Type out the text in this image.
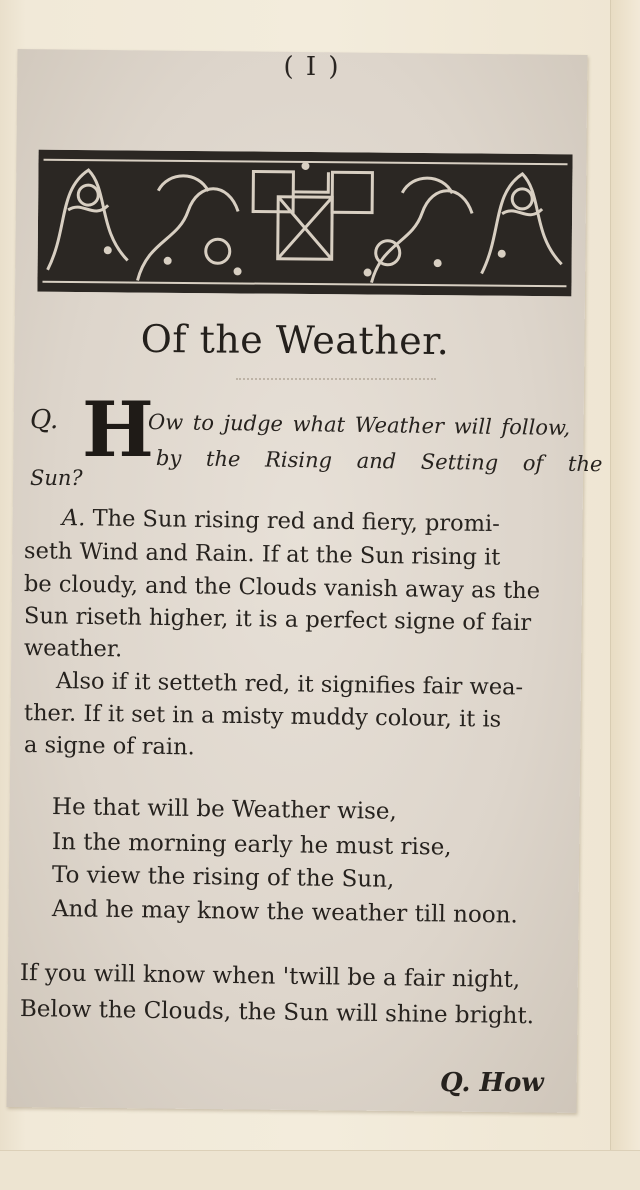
( I )
Of the Weather.
Q. H
Ow to judge what Weather will follow,
by the Rising and Setting of the
Sun?
A. The Sun rising red and fiery, promi-
seth Wind and Rain. If at the Sun rising it
be cloudy, and the Clouds vanish away as the
Sun riseth higher, it is a perfect signe of fair
weather.
Also if it setteth red, it signifies fair wea-
ther. If it set in a misty muddy colour, it is
a signe of rain.
He that will be Weather wise,
In the morning early he must rise,
To view the rising of the Sun,
And he may know the weather till noon.
If you will know when 'twill be a fair night,
Below the Clouds, the Sun will shine bright.
Q. How
